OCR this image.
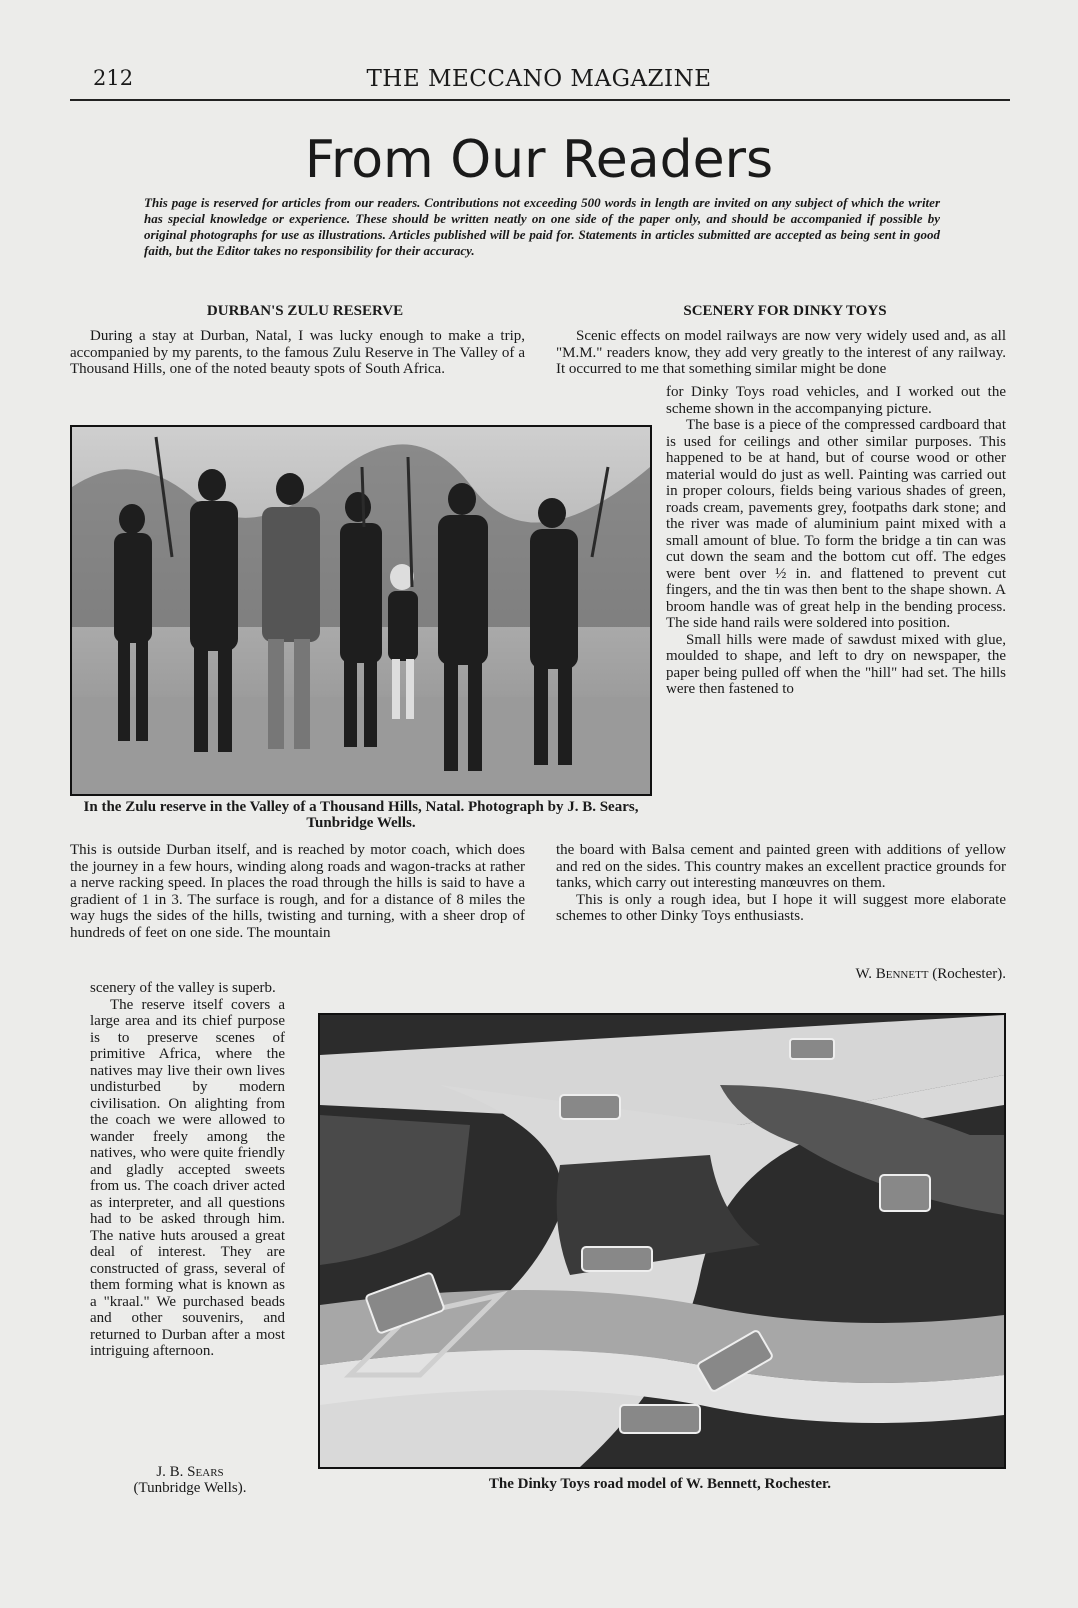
212	THE MECCANO MAGAZINE
From Our Readers
This page is reserved for articles from our readers. Contributions not exceeding 500 words in length are invited on any subject of which the writer has special knowledge or experience. These should be written neatly on one side of the paper only, and should be accompanied if possible by original photographs for use as illustrations. Articles published will be paid for. Statements in articles submitted are accepted as being sent in good faith, but the Editor takes no responsibility for their accuracy.
DURBAN'S ZULU RESERVE

During a stay at Durban, Natal, I was lucky enough to make a trip, accompanied by my parents, to the famous Zulu Reserve in The Valley of a Thousand Hills, one of the noted beauty spots of South Africa.

SCENERY FOR DINKY TOYS

Scenic effects on model railways are now very widely used and, as all "M.M." readers know, they add very greatly to the interest of any railway. It occurred to me that something similar might be done

In the Zulu reserve in the Valley of a Thousand Hills, Natal. Photograph by J. B. Sears, Tunbridge Wells.

for Dinky Toys road vehicles, and I worked out the scheme shown in the accompanying picture.

The base is a piece of the compressed cardboard that is used for ceilings and other similar purposes. This happened to be at hand, but of course wood or other material would do just as well. Painting was carried out in proper colours, fields being various shades of green, roads cream, pavements grey, footpaths dark stone; and the river was made of aluminium paint mixed with a small amount of blue. To form the bridge a tin can was cut down the seam and the bottom cut off. The edges were bent over ½ in. and flattened to prevent cut fingers, and the tin was then bent to the shape shown. A broom handle was of great help in the bending process. The side hand rails were soldered into position.

Small hills were made of sawdust mixed with glue, moulded to shape, and left to dry on newspaper, the paper being pulled off when the "hill" had set. The hills were then fastened to

This is outside Durban itself, and is reached by motor coach, which does the journey in a few hours, winding along roads and wagon-tracks at rather a nerve racking speed. In places the road through the hills is said to have a gradient of 1 in 3. The surface is rough, and for a distance of 8 miles the way hugs the sides of the hills, twisting and turning, with a sheer drop of hundreds of feet on one side. The mountain

the board with Balsa cement and painted green with additions of yellow and red on the sides. This country makes an excellent practice grounds for tanks, which carry out interesting manœuvres on them.

This is only a rough idea, but I hope it will suggest more elaborate schemes to other Dinky Toys enthusiasts.

W. Bennett (Rochester).

scenery of the valley is superb.

The reserve itself covers a large area and its chief purpose is to preserve scenes of primitive Africa, where the natives may live their own lives undisturbed by modern civilisation. On alighting from the coach we were allowed to wander freely among the natives, who were quite friendly and gladly accepted sweets from us. The coach driver acted as interpreter, and all questions had to be asked through him. The native huts aroused a great deal of interest. They are constructed of grass, several of them forming what is known as a "kraal." We purchased beads and other souvenirs, and returned to Durban after a most intriguing afternoon.

J. B. Sears
(Tunbridge Wells).	The Dinky Toys road model of W. Bennett, Rochester.
